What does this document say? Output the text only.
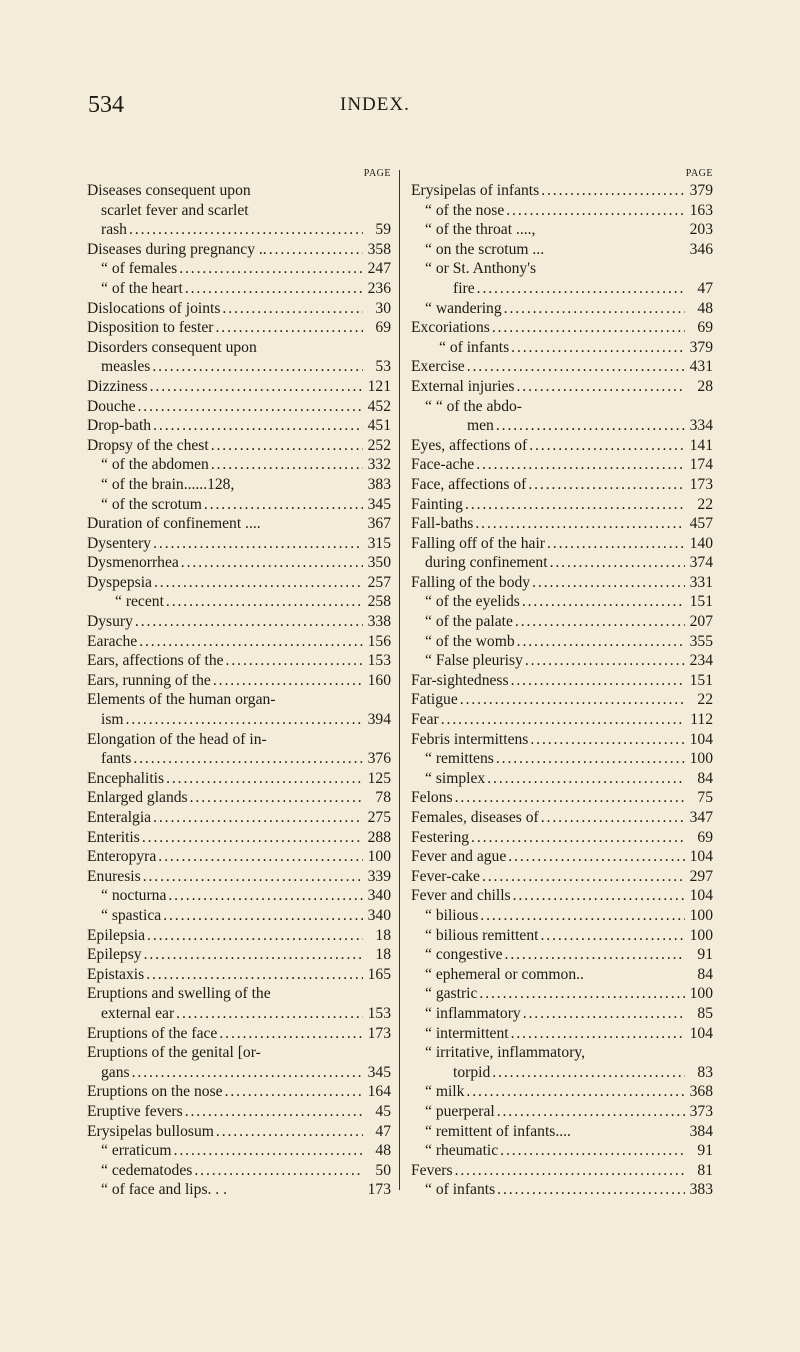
534	INDEX.
PAGE
Diseases consequent upon
scarlet fever and scarlet
rash . . .	59
Diseases during pregnancy .. . . .	358
“ of females . . .	247
“ of the heart . . .	236
Dislocations of joints . . .	30
Disposition to fester . . .	69
Disorders consequent upon
measles . . .	53
Dizziness . . .	121
Douche . . .	452
Drop-bath . . .	451
Dropsy of the chest . . .	252
“ of the abdomen . . .	332
“ of the brain......128,	383
“ of the scrotum . . .	345
Duration of confinement ....	367
Dysentery . . .	315
Dysmenorrhea . . .	350
Dyspepsia . . .	257
“ recent . . .	258
Dysury . . .	338
Earache . . .	156
Ears, affections of the . . .	153
Ears, running of the . . .	160
Elements of the human organ-
ism . . .	394
Elongation of the head of in-
fants . . .	376
Encephalitis . . .	125
Enlarged glands . . .	78
Enteralgia . . .	275
Enteritis . . .	288
Enteropyra . . .	100
Enuresis . . .	339
“ nocturna . . .	340
“ spastica . . .	340
Epilepsia . . .	18
Epilepsy . . .	18
Epistaxis . . .	165
Eruptions and swelling of the
external ear . . .	153
Eruptions of the face . . .	173
Eruptions of the genital [or-
gans . . .	345
Eruptions on the nose . . .	164
Eruptive fevers . . .	45
Erysipelas bullosum . . .	47
“ erraticum . . .	48
“ cedematodes . . .	50
“ of face and lips. . .	173
PAGE
Erysipelas of infants . . .	379
“ of the nose . . .	163
“ of the throat ....,	203
“ on the scrotum ...	346
“ or St. Anthony's
fire . . .	47
“ wandering . . .	48
Excoriations . . .	69
“ of infants . . .	379
Exercise . . .	431
External injuries . . .	28
“ “ of the abdo-
men . . .	334
Eyes, affections of . . .	141
Face-ache . . .	174
Face, affections of . . .	173
Fainting . . .	22
Fall-baths . . .	457
Falling off of the hair . . .	140
during confinement . . .	374
Falling of the body . . .	331
“ of the eyelids . . .	151
“ of the palate . . .	207
“ of the womb . . .	355
“ False pleurisy . . .	234
Far-sightedness . . .	151
Fatigue . . .	22
Fear . . .	112
Febris intermittens . . .	104
“ remittens . . .	100
“ simplex . . .	84
Felons . . .	75
Females, diseases of . . .	347
Festering . . .	69
Fever and ague . . .	104
Fever-cake . . .	297
Fever and chills . . .	104
“ bilious . . .	100
“ bilious remittent . . .	100
“ congestive . . .	91
“ ephemeral or common..	84
“ gastric . . .	100
“ inflammatory . . .	85
“ intermittent . . .	104
“ irritative, inflammatory,
torpid . . .	83
“ milk . . .	368
“ puerperal . . .	373
“ remittent of infants....	384
“ rheumatic . . .	91
Fevers . . .	81
“ of infants . . .	383
